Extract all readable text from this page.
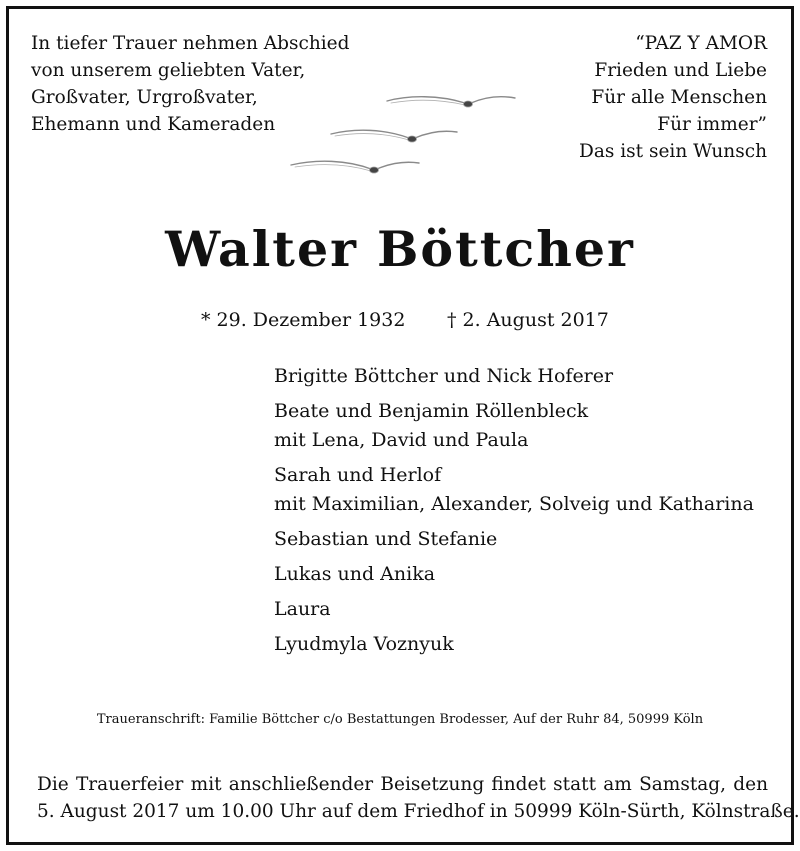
In tiefer Trauer nehmen Abschied
von unserem geliebten Vater,
Großvater, Urgroßvater,
Ehemann und Kameraden
“PAZ Y AMOR
Frieden und Liebe
Für alle Menschen
Für immer”
Das ist sein Wunsch
Walter Böttcher
* 29. Dezember 1932 † 2. August 2017
Brigitte Böttcher und Nick Hoferer
Beate und Benjamin Röllenbleck
mit Lena, David und Paula
Sarah und Herlof
mit Maximilian, Alexander, Solveig und Katharina
Sebastian und Stefanie
Lukas und Anika
Laura
Lyudmyla Voznyuk
Traueranschrift: Familie Böttcher c/o Bestattungen Brodesser, Auf der Ruhr 84, 50999 Köln
Die Trauerfeier mit anschließender Beisetzung findet statt am Samstag, den
5. August 2017 um 10.00 Uhr auf dem Friedhof in 50999 Köln-Sürth, Kölnstraße.
